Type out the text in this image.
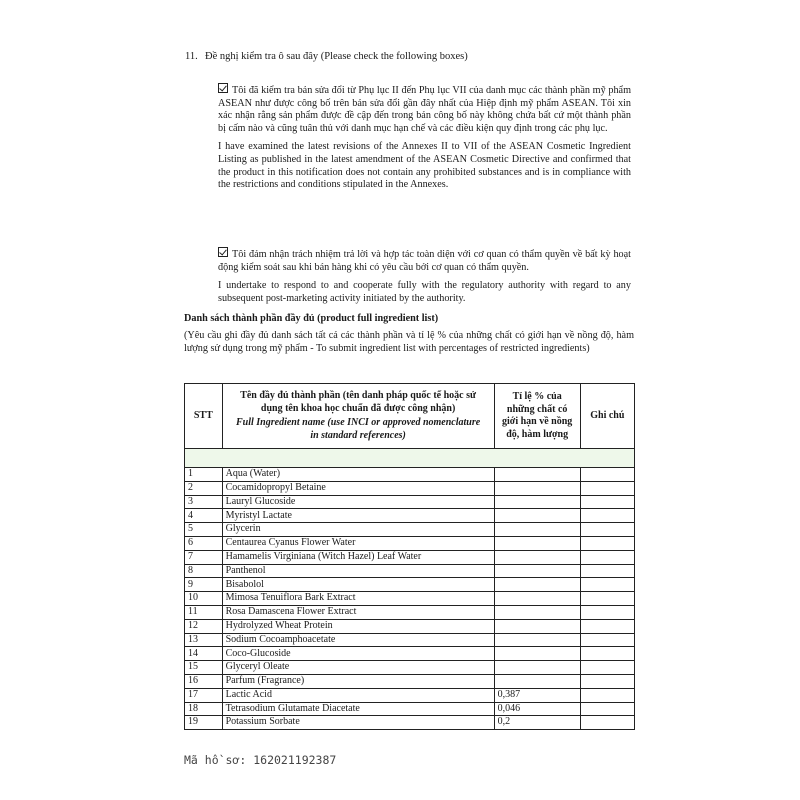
11. Đề nghị kiểm tra ô sau đây (Please check the following boxes)

Tôi đã kiểm tra bản sửa đổi từ Phụ lục II đến Phụ lục VII của danh mục các thành phần mỹ phẩm ASEAN như được công bố trên bản sửa đổi gần đây nhất của Hiệp định mỹ phẩm ASEAN. Tôi xin xác nhận rằng sản phẩm được đề cập đến trong bản công bố này không chứa bất cứ một thành phần bị cấm nào và cũng tuân thủ với danh mục hạn chế và các điều kiện quy định trong các phụ lục.

I have examined the latest revisions of the Annexes II to VII of the ASEAN Cosmetic Ingredient Listing as published in the latest amendment of the ASEAN Cosmetic Directive and confirmed that the product in this notification does not contain any prohibited substances and is in compliance with the restrictions and conditions stipulated in the Annexes.

Tôi đảm nhận trách nhiệm trả lời và hợp tác toàn diện với cơ quan có thẩm quyền về bất kỳ hoạt động kiểm soát sau khi bán hàng khi có yêu cầu bởi cơ quan có thẩm quyền.

I undertake to respond to and cooperate fully with the regulatory authority with regard to any subsequent post-marketing activity initiated by the authority.

Danh sách thành phần đầy đủ (product full ingredient list)
(Yêu cầu ghi đầy đủ danh sách tất cả các thành phần và tỉ lệ % của những chất có giới hạn về nồng độ, hàm lượng sử dụng trong mỹ phẩm - To submit ingredient list with percentages of restricted ingredients)
STT	Tên đầy đủ thành phần (tên danh pháp quốc tế hoặc sử dụng tên khoa học chuẩn đã được công nhận)
Full Ingredient name (use INCI or approved nomenclature in standard references)	Tỉ lệ % của những chất có giới hạn về nồng độ, hàm lượng	Ghi chú

1	Aqua (Water)		
2	Cocamidopropyl Betaine		
3	Lauryl Glucoside		
4	Myristyl Lactate		
5	Glycerin		
6	Centaurea Cyanus Flower Water		
7	Hamamelis Virginiana (Witch Hazel) Leaf Water		
8	Panthenol		
9	Bisabolol		
10	Mimosa Tenuiflora Bark Extract		
11	Rosa Damascena Flower Extract		
12	Hydrolyzed Wheat Protein		
13	Sodium Cocoamphoacetate		
14	Coco-Glucoside		
15	Glyceryl Oleate		
16	Parfum (Fragrance)		
17	Lactic Acid	0,387	
18	Tetrasodium Glutamate Diacetate	0,046	
19	Potassium Sorbate	0,2	
Mã hồ sơ: 162021192387
